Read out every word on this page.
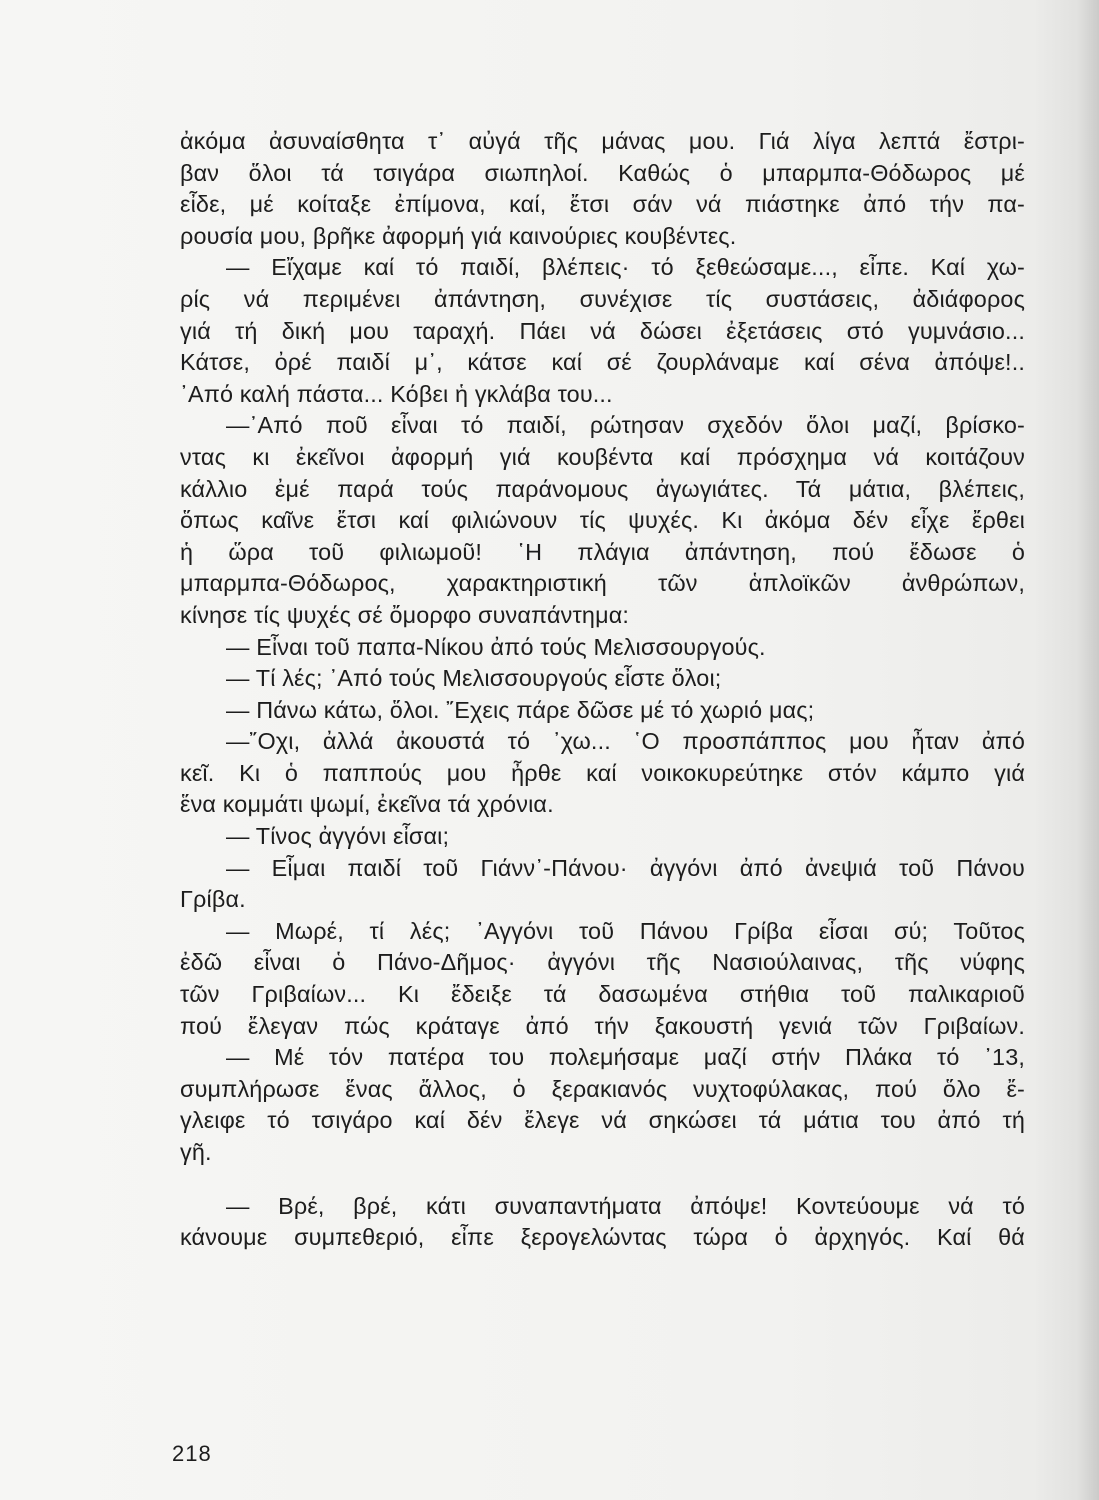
ἀκόμα ἀσυναίσθητα τ᾽ αὐγά τῆς μάνας μου. Γιά λίγα λεπτά ἔστρι-
βαν ὅλοι τά τσιγάρα σιωπηλοί. Καθώς ὁ μπαρμπα-Θόδωρος μέ
εἶδε, μέ κοίταξε ἐπίμονα, καί, ἔτσι σάν νά πιάστηκε ἀπό τήν πα-
ρουσία μου, βρῆκε ἀφορμή γιά καινούριες κουβέντες.
— Εἴχαμε καί τό παιδί, βλέπεις· τό ξεθεώσαμε..., εἶπε. Καί χω-
ρίς νά περιμένει ἀπάντηση, συνέχισε τίς συστάσεις, ἀδιάφορος
γιά τή δική μου ταραχή. Πάει νά δώσει ἐξετάσεις στό γυμνάσιο...
Κάτσε, ὀρέ παιδί μ᾽, κάτσε καί σέ ζουρλάναμε καί σένα ἀπόψε!..
᾽Από καλή πάστα... Κόβει ἡ γκλάβα του...
—᾽Από ποῦ εἶναι τό παιδί, ρώτησαν σχεδόν ὅλοι μαζί, βρίσκο-
ντας κι ἐκεῖνοι ἀφορμή γιά κουβέντα καί πρόσχημα νά κοιτάζουν
κάλλιο ἐμέ παρά τούς παράνομους ἀγωγιάτες. Τά μάτια, βλέπεις,
ὅπως καῖνε ἔτσι καί φιλιώνουν τίς ψυχές. Κι ἀκόμα δέν εἶχε ἔρθει
ἡ ὥρα τοῦ φιλιωμοῦ! ῾Η πλάγια ἀπάντηση, πού ἔδωσε ὁ
μπαρμπα-Θόδωρος, χαρακτηριστική τῶν ἁπλοϊκῶν ἀνθρώπων,
κίνησε τίς ψυχές σέ ὄμορφο συναπάντημα:
— Εἶναι τοῦ παπα-Νίκου ἀπό τούς Μελισσουργούς.
— Τί λές; ᾽Από τούς Μελισσουργούς εἶστε ὅλοι;
— Πάνω κάτω, ὅλοι. ῎Εχεις πάρε δῶσε μέ τό χωριό μας;
—῎Οχι, ἀλλά ἀκουστά τό ᾽χω... ῾Ο προσπάππος μου ἦταν ἀπό
κεῖ. Κι ὁ παππούς μου ἦρθε καί νοικοκυρεύτηκε στόν κάμπο γιά
ἕνα κομμάτι ψωμί, ἐκεῖνα τά χρόνια.
— Τίνος ἀγγόνι εἶσαι;
— Εἶμαι παιδί τοῦ Γιάνν᾽-Πάνου· ἀγγόνι ἀπό ἀνεψιά τοῦ Πάνου
Γρίβα.
— Μωρέ, τί λές; ᾽Αγγόνι τοῦ Πάνου Γρίβα εἶσαι σύ; Τοῦτος
ἐδῶ εἶναι ὁ Πάνο-Δῆμος· ἀγγόνι τῆς Νασιούλαινας, τῆς νύφης
τῶν Γριβαίων... Κι ἔδειξε τά δασωμένα στήθια τοῦ παλικαριοῦ
πού ἔλεγαν πώς κράταγε ἀπό τήν ξακουστή γενιά τῶν Γριβαίων.
— Μέ τόν πατέρα του πολεμήσαμε μαζί στήν Πλάκα τό ᾽13,
συμπλήρωσε ἕνας ἄλλος, ὁ ξερακιανός νυχτοφύλακας, πού ὅλο ἔ-
γλειφε τό τσιγάρο καί δέν ἔλεγε νά σηκώσει τά μάτια του ἀπό τή
γῆ.
— Βρέ, βρέ, κάτι συναπαντήματα ἀπόψε! Κοντεύουμε νά τό
κάνουμε συμπεθεριό, εἶπε ξερογελώντας τώρα ὁ ἀρχηγός. Καί θά
218
